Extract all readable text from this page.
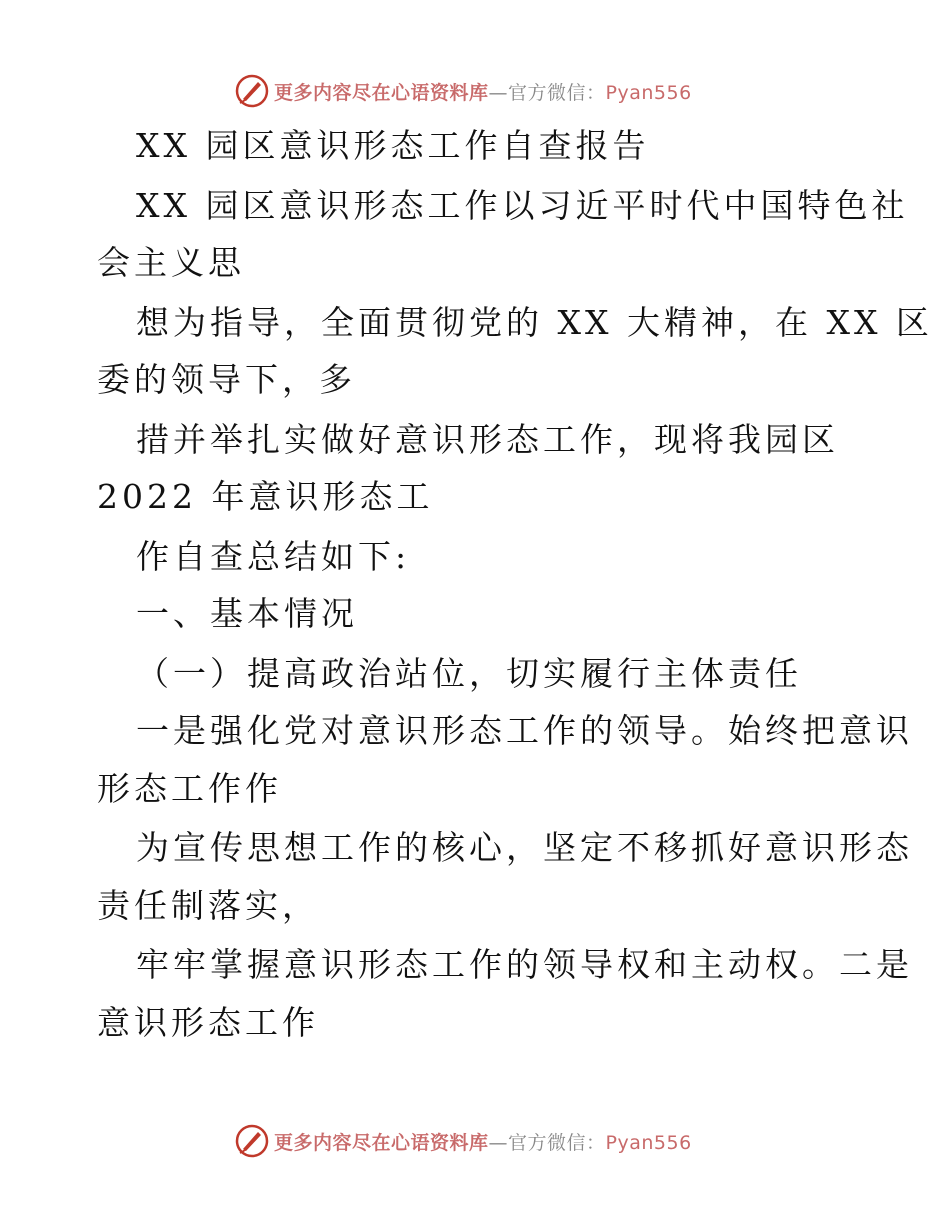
更多内容尽在心语资料库—官方微信：Pyan556
XX 园区意识形态工作自查报告
XX 园区意识形态工作以习近平时代中国特色社
会主义思
想为指导，全面贯彻党的 XX 大精神，在 XX 区
委的领导下，多
措并举扎实做好意识形态工作，现将我园区
2022 年意识形态工
作自查总结如下:
一、基本情况
（一）提高政治站位，切实履行主体责任
一是强化党对意识形态工作的领导。始终把意识
形态工作作
为宣传思想工作的核心，坚定不移抓好意识形态
责任制落实，
牢牢掌握意识形态工作的领导权和主动权。二是
意识形态工作
更多内容尽在心语资料库—官方微信：Pyan556
